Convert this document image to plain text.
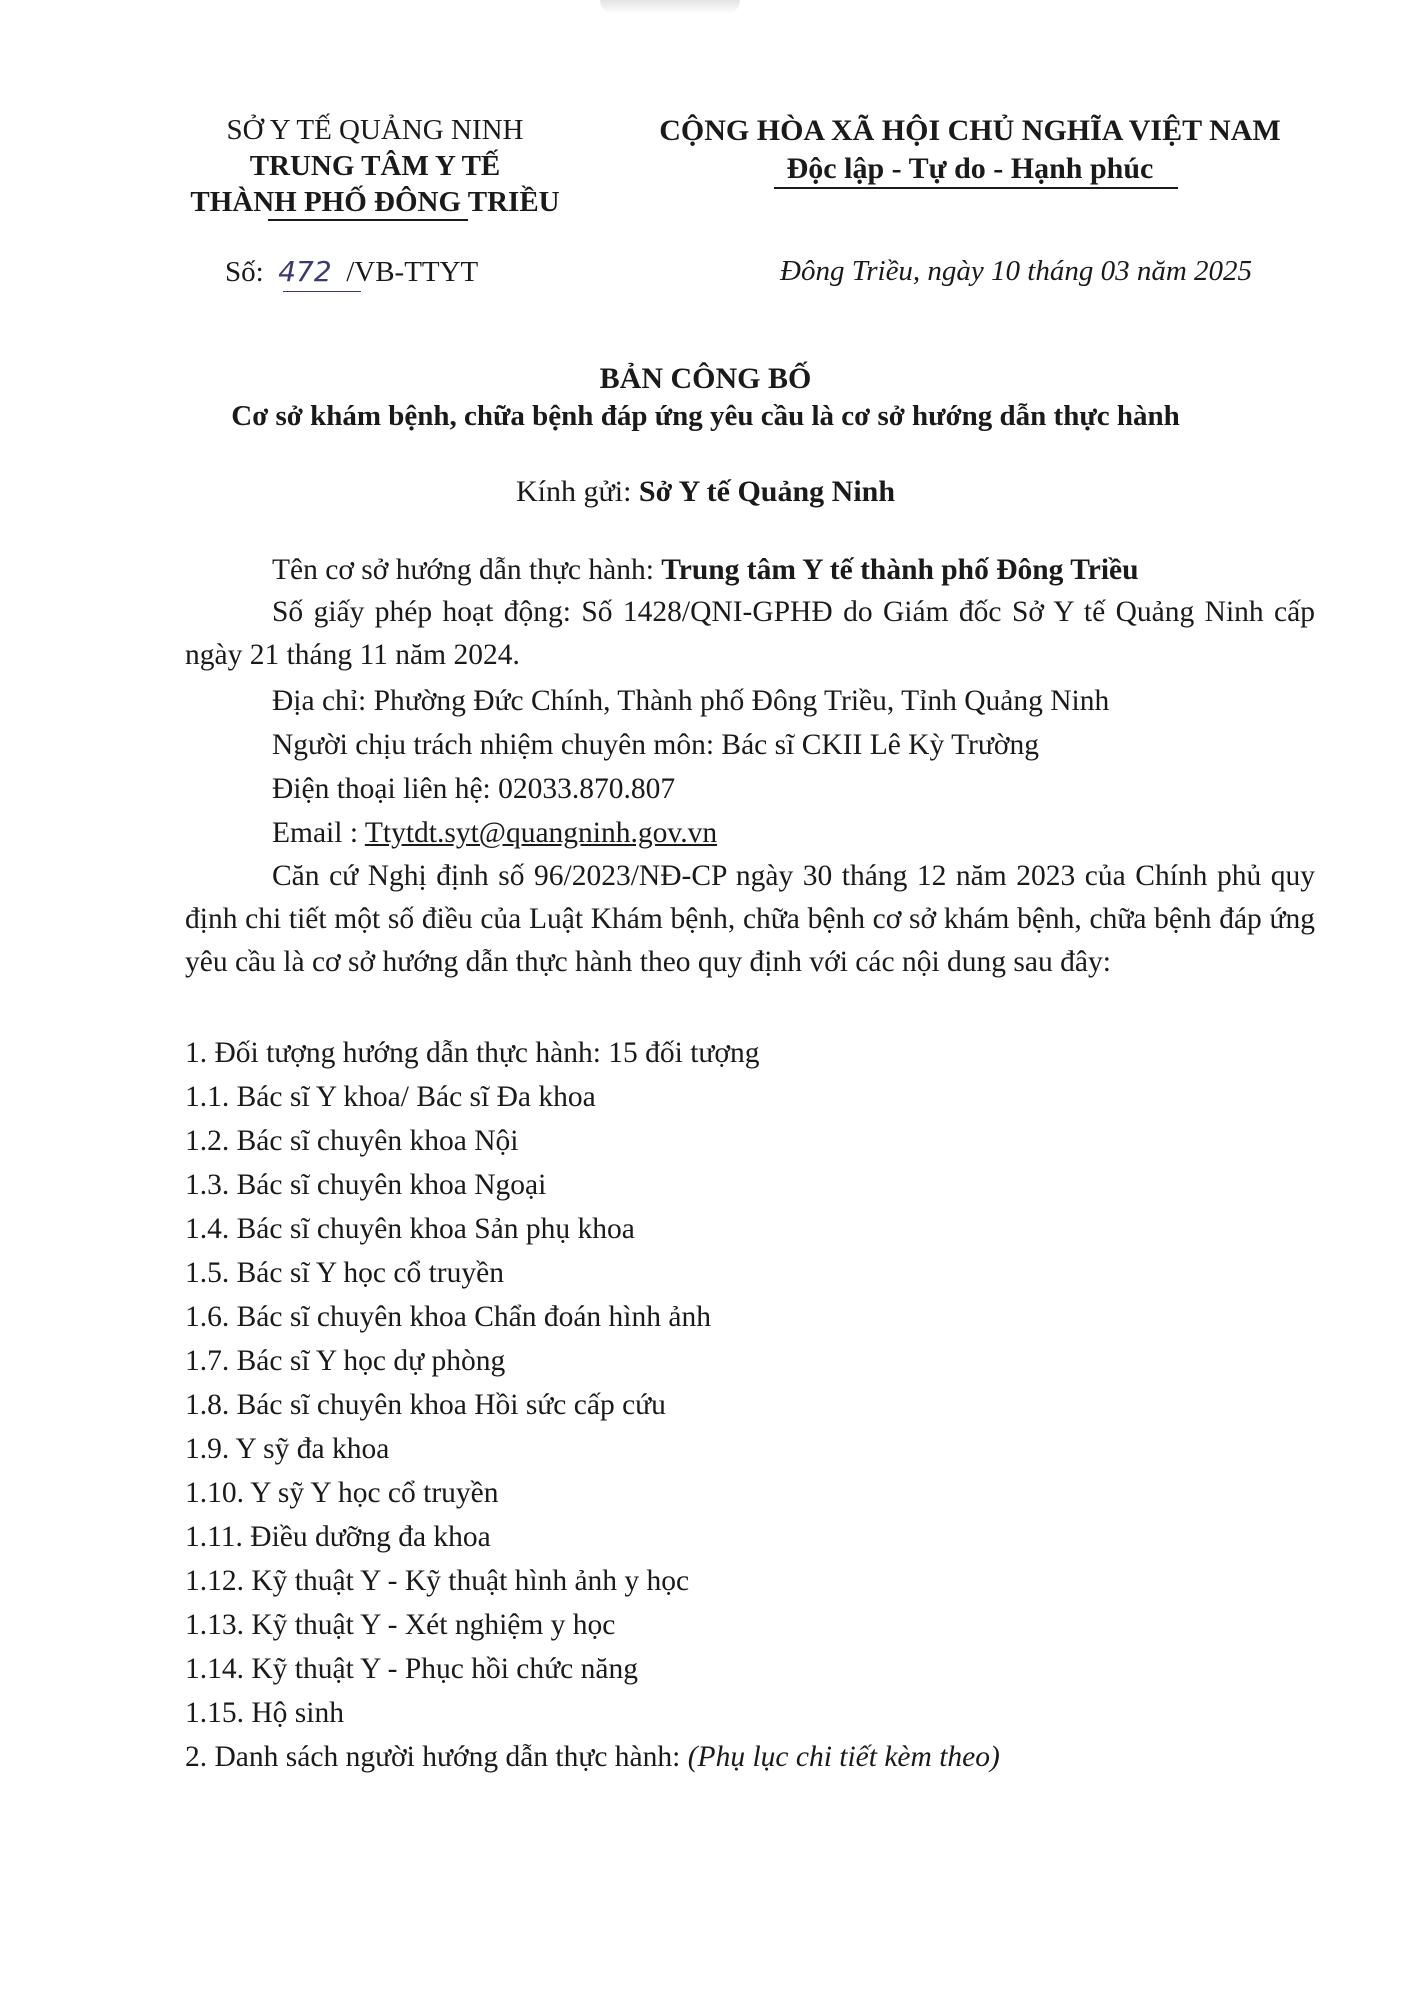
SỞ Y TẾ QUẢNG NINH
TRUNG TÂM Y TẾ
THÀNH PHỐ ĐÔNG TRIỀU
CỘNG HÒA XÃ HỘI CHỦ NGHĨA VIỆT NAM
Độc lập - Tự do - Hạnh phúc
Số: 472 /VB-TTYT	Đông Triều, ngày 10 tháng 03 năm 2025
BẢN CÔNG BỐ
Cơ sở khám bệnh, chữa bệnh đáp ứng yêu cầu là cơ sở hướng dẫn thực hành
Kính gửi: Sở Y tế Quảng Ninh
Tên cơ sở hướng dẫn thực hành: Trung tâm Y tế thành phố Đông Triều
Số giấy phép hoạt động: Số 1428/QNI-GPHĐ do Giám đốc Sở Y tế Quảng Ninh cấp ngày 21 tháng 11 năm 2024.
Địa chỉ: Phường Đức Chính, Thành phố Đông Triều, Tỉnh Quảng Ninh
Người chịu trách nhiệm chuyên môn: Bác sĩ CKII Lê Kỳ Trường
Điện thoại liên hệ: 02033.870.807
Email : Ttytdt.syt@quangninh.gov.vn
Căn cứ Nghị định số 96/2023/NĐ-CP ngày 30 tháng 12 năm 2023 của Chính phủ quy định chi tiết một số điều của Luật Khám bệnh, chữa bệnh cơ sở khám bệnh, chữa bệnh đáp ứng yêu cầu là cơ sở hướng dẫn thực hành theo quy định với các nội dung sau đây:
1. Đối tượng hướng dẫn thực hành: 15 đối tượng
1.1. Bác sĩ Y khoa/ Bác sĩ Đa khoa
1.2. Bác sĩ chuyên khoa Nội
1.3. Bác sĩ chuyên khoa Ngoại
1.4. Bác sĩ chuyên khoa Sản phụ khoa
1.5. Bác sĩ Y học cổ truyền
1.6. Bác sĩ chuyên khoa Chẩn đoán hình ảnh
1.7. Bác sĩ Y học dự phòng
1.8. Bác sĩ chuyên khoa Hồi sức cấp cứu
1.9. Y sỹ đa khoa
1.10. Y sỹ Y học cổ truyền
1.11. Điều dưỡng đa khoa
1.12. Kỹ thuật Y - Kỹ thuật hình ảnh y học
1.13. Kỹ thuật Y - Xét nghiệm y học
1.14. Kỹ thuật Y - Phục hồi chức năng
1.15. Hộ sinh
2. Danh sách người hướng dẫn thực hành: (Phụ lục chi tiết kèm theo)
